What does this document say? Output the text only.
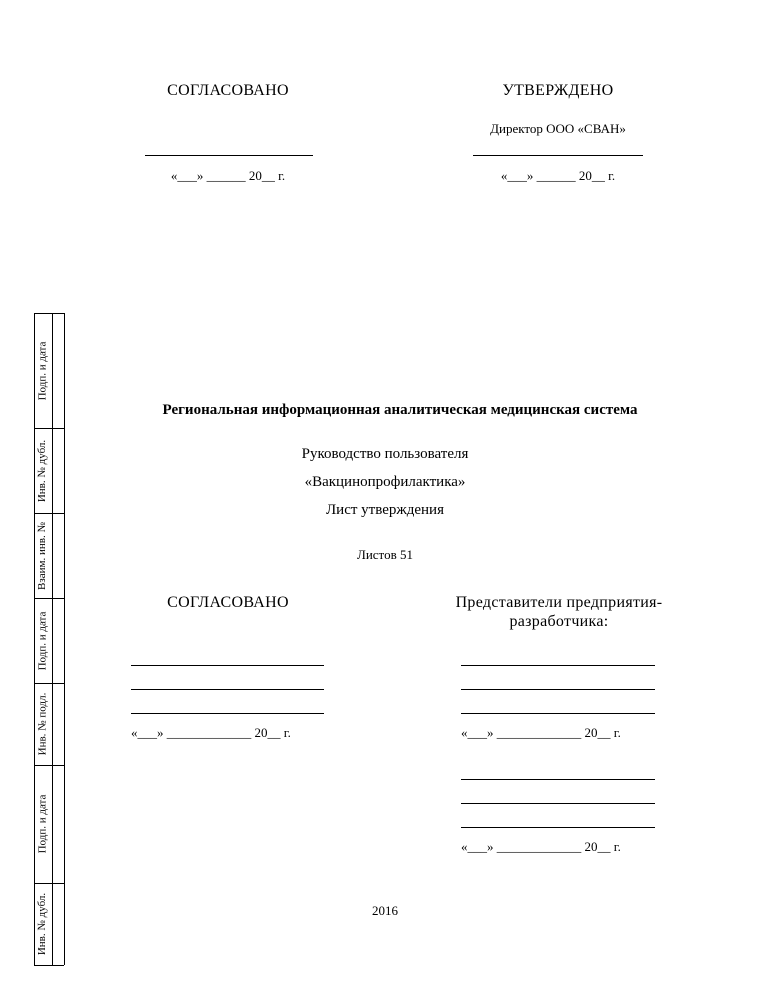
СОГЛАСОВАНО	УТВЕРЖДЕНО
Директор ООО «СВАН»
«___» ______ 20__ г.	«___» ______ 20__ г.
Региональная информационная аналитическая медицинская система
Руководство пользователя
«Вакцинопрофилактика»
Лист утверждения
Листов 51
СОГЛАСОВАНО	Представители предприятия-
разработчика:
«___» _____________ 20__ г.	«___» _____________ 20__ г.
«___» _____________ 20__ г.
2016
Подп. и дата
Инв. № дубл.
Взаим. инв. №
Подп. и дата
Инв. № подл.
Подп. и дата
Инв. № дубл.
